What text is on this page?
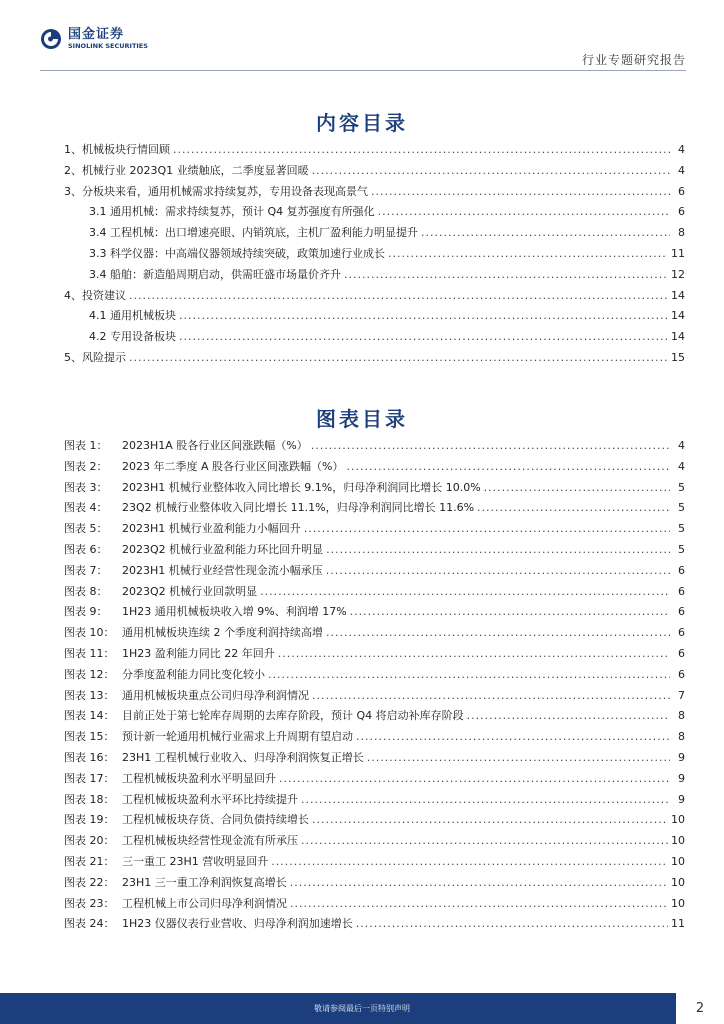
国金证券
SINOLINK SECURITIES
行业专题研究报告
内容目录
1、机械板块行情回顾 .....	4
2、机械行业 2023Q1 业绩触底，二季度显著回暖 .....	4
3、分板块来看，通用机械需求持续复苏，专用设备表现高景气 .....	6
3.1 通用机械：需求持续复苏，预计 Q4 复苏强度有所强化 .....	6
3.4 工程机械：出口增速亮眼、内销筑底，主机厂盈利能力明显提升 .....	8
3.3 科学仪器：中高端仪器领域持续突破，政策加速行业成长 .....	11
3.4 船舶：新造船周期启动，供需旺盛市场量价齐升 .....	12
4、投资建议 .....	14
4.1 通用机械板块 .....	14
4.2 专用设备板块 .....	14
5、风险提示 .....	15
图表目录
图表 1：	2023H1A 股各行业区间涨跌幅（%） .....	4
图表 2：	2023 年二季度 A 股各行业区间涨跌幅（%） .....	4
图表 3：	2023H1 机械行业整体收入同比增长 9.1%，归母净利润同比增长 10.0% .....	5
图表 4：	23Q2 机械行业整体收入同比增长 11.1%，归母净利润同比增长 11.6% .....	5
图表 5：	2023H1 机械行业盈利能力小幅回升 .....	5
图表 6：	2023Q2 机械行业盈利能力环比回升明显 .....	5
图表 7：	2023H1 机械行业经营性现金流小幅承压 .....	6
图表 8：	2023Q2 机械行业回款明显 .....	6
图表 9：	1H23 通用机械板块收入增 9%、利润增 17% .....	6
图表 10： 通用机械板块连续 2 个季度利润持续高增 .....	6
图表 11： 1H23 盈利能力同比 22 年回升 .....	6
图表 12： 分季度盈利能力同比变化较小 .....	6
图表 13： 通用机械板块重点公司归母净利润情况 .....	7
图表 14： 目前正处于第七轮库存周期的去库存阶段，预计 Q4 将启动补库存阶段 .....	8
图表 15： 预计新一轮通用机械行业需求上升周期有望启动 .....	8
图表 16： 23H1 工程机械行业收入、归母净利润恢复正增长 .....	9
图表 17： 工程机械板块盈利水平明显回升 .....	9
图表 18： 工程机械板块盈利水平环比持续提升 .....	9
图表 19： 工程机械板块存货、合同负债持续增长 .....	10
图表 20： 工程机械板块经营性现金流有所承压 .....	10
图表 21： 三一重工 23H1 营收明显回升 .....	10
图表 22： 23H1 三一重工净利润恢复高增长 .....	10
图表 23： 工程机械上市公司归母净利润情况 .....	10
图表 24： 1H23 仪器仪表行业营收、归母净利润加速增长 .....	11
敬请参阅最后一页特别声明	2
